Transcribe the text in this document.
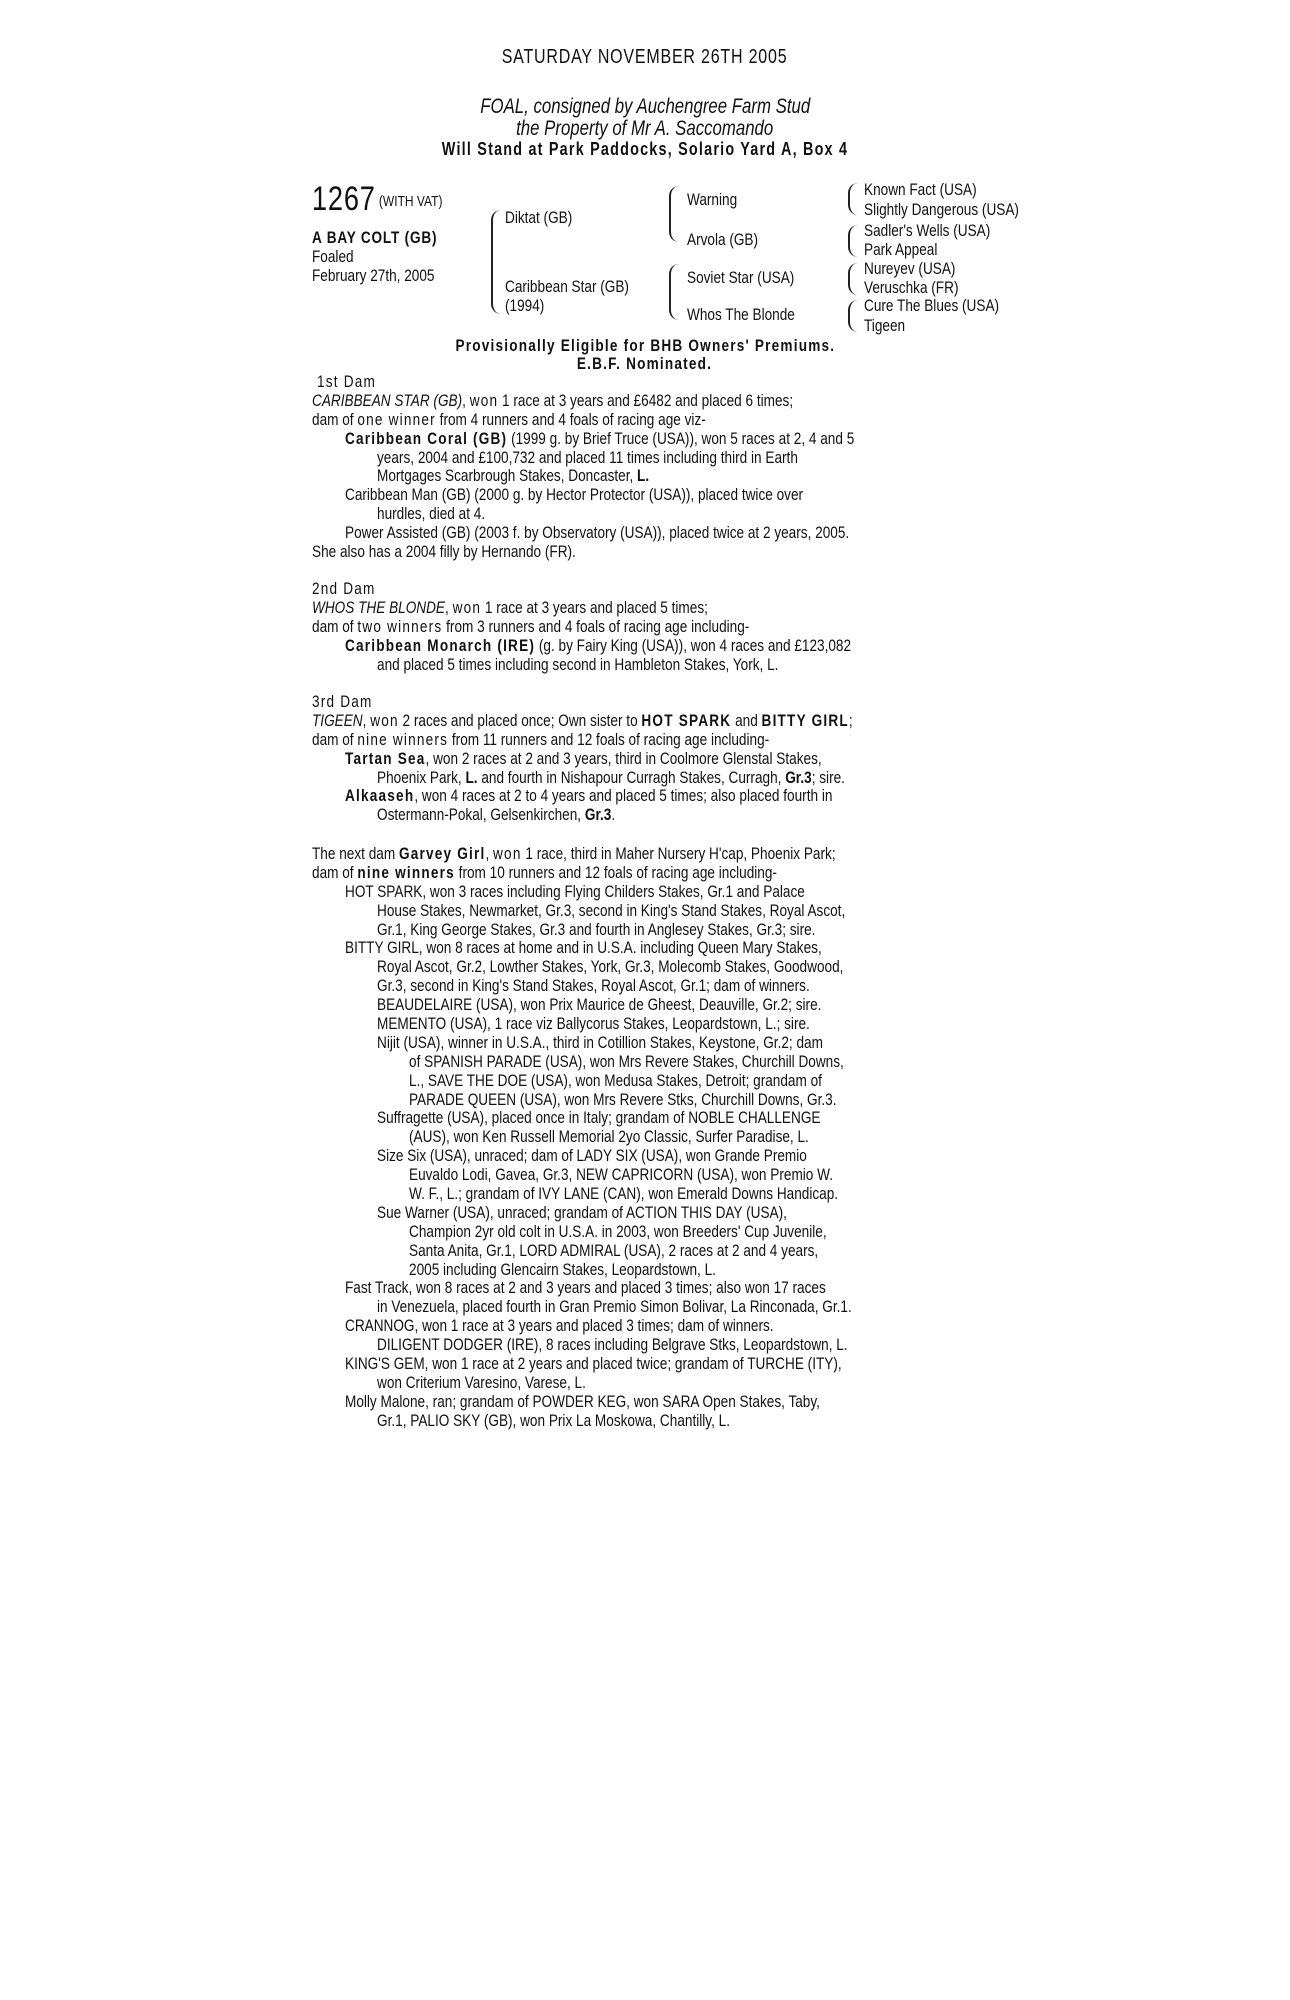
SATURDAY NOVEMBER 26TH 2005
FOAL, consigned by Auchengree Farm Stud
the Property of Mr A. Saccomando
Will Stand at Park Paddocks, Solario Yard A, Box 4
1267 (WITH VAT)
A BAY COLT (GB)
Foaled
February 27th, 2005
Diktat (GB)
Caribbean Star (GB)
(1994)
Warning
Arvola (GB)
Soviet Star (USA)
Whos The Blonde
Known Fact (USA)
Slightly Dangerous (USA)
Sadler's Wells (USA)
Park Appeal
Nureyev (USA)
Veruschka (FR)
Cure The Blues (USA)
Tigeen
Provisionally Eligible for BHB Owners' Premiums.
E.B.F. Nominated.
1st Dam
CARIBBEAN STAR (GB), won 1 race at 3 years and £6482 and placed 6 times;
dam of one winner from 4 runners and 4 foals of racing age viz-
Caribbean Coral (GB) (1999 g. by Brief Truce (USA)), won 5 races at 2, 4 and 5
years, 2004 and £100,732 and placed 11 times including third in Earth
Mortgages Scarbrough Stakes, Doncaster, L.
Caribbean Man (GB) (2000 g. by Hector Protector (USA)), placed twice over
hurdles, died at 4.
Power Assisted (GB) (2003 f. by Observatory (USA)), placed twice at 2 years, 2005.
She also has a 2004 filly by Hernando (FR).
2nd Dam
WHOS THE BLONDE, won 1 race at 3 years and placed 5 times;
dam of two winners from 3 runners and 4 foals of racing age including-
Caribbean Monarch (IRE) (g. by Fairy King (USA)), won 4 races and £123,082
and placed 5 times including second in Hambleton Stakes, York, L.
3rd Dam
TIGEEN, won 2 races and placed once; Own sister to HOT SPARK and BITTY GIRL;
dam of nine winners from 11 runners and 12 foals of racing age including-
Tartan Sea, won 2 races at 2 and 3 years, third in Coolmore Glenstal Stakes,
Phoenix Park, L. and fourth in Nishapour Curragh Stakes, Curragh, Gr.3; sire.
Alkaaseh, won 4 races at 2 to 4 years and placed 5 times; also placed fourth in
Ostermann-Pokal, Gelsenkirchen, Gr.3.
The next dam Garvey Girl, won 1 race, third in Maher Nursery H'cap, Phoenix Park;
dam of nine winners from 10 runners and 12 foals of racing age including-
HOT SPARK, won 3 races including Flying Childers Stakes, Gr.1 and Palace
House Stakes, Newmarket, Gr.3, second in King's Stand Stakes, Royal Ascot,
Gr.1, King George Stakes, Gr.3 and fourth in Anglesey Stakes, Gr.3; sire.
BITTY GIRL, won 8 races at home and in U.S.A. including Queen Mary Stakes,
Royal Ascot, Gr.2, Lowther Stakes, York, Gr.3, Molecomb Stakes, Goodwood,
Gr.3, second in King's Stand Stakes, Royal Ascot, Gr.1; dam of winners.
BEAUDELAIRE (USA), won Prix Maurice de Gheest, Deauville, Gr.2; sire.
MEMENTO (USA), 1 race viz Ballycorus Stakes, Leopardstown, L.; sire.
Nijit (USA), winner in U.S.A., third in Cotillion Stakes, Keystone, Gr.2; dam
of SPANISH PARADE (USA), won Mrs Revere Stakes, Churchill Downs,
L., SAVE THE DOE (USA), won Medusa Stakes, Detroit; grandam of
PARADE QUEEN (USA), won Mrs Revere Stks, Churchill Downs, Gr.3.
Suffragette (USA), placed once in Italy; grandam of NOBLE CHALLENGE
(AUS), won Ken Russell Memorial 2yo Classic, Surfer Paradise, L.
Size Six (USA), unraced; dam of LADY SIX (USA), won Grande Premio
Euvaldo Lodi, Gavea, Gr.3, NEW CAPRICORN (USA), won Premio W.
W. F., L.; grandam of IVY LANE (CAN), won Emerald Downs Handicap.
Sue Warner (USA), unraced; grandam of ACTION THIS DAY (USA),
Champion 2yr old colt in U.S.A. in 2003, won Breeders' Cup Juvenile,
Santa Anita, Gr.1, LORD ADMIRAL (USA), 2 races at 2 and 4 years,
2005 including Glencairn Stakes, Leopardstown, L.
Fast Track, won 8 races at 2 and 3 years and placed 3 times; also won 17 races
in Venezuela, placed fourth in Gran Premio Simon Bolivar, La Rinconada, Gr.1.
CRANNOG, won 1 race at 3 years and placed 3 times; dam of winners.
DILIGENT DODGER (IRE), 8 races including Belgrave Stks, Leopardstown, L.
KING'S GEM, won 1 race at 2 years and placed twice; grandam of TURCHE (ITY),
won Criterium Varesino, Varese, L.
Molly Malone, ran; grandam of POWDER KEG, won SARA Open Stakes, Taby,
Gr.1, PALIO SKY (GB), won Prix La Moskowa, Chantilly, L.
